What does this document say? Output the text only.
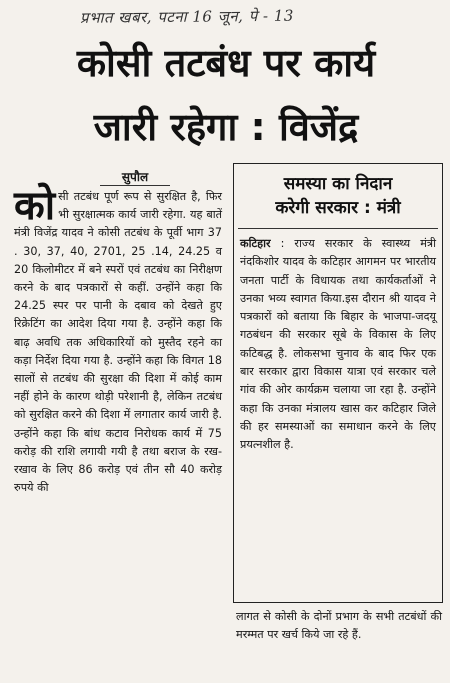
प्रभात खबर, पटना 16 जून, पे - 13
कोसी तटबंध पर कार्य
जारी रहेगा : विजेंद्र
सुपौल
कोसी तटबंध पूर्ण रूप से सुरक्षित है, फिर भी सुरक्षात्मक कार्य जारी रहेगा. यह बातें मंत्री विजेंद्र यादव ने कोसी तटबंध के पूर्वी भाग 37 . 30, 37, 40, 2701, 25 .14, 24.25 व 20 किलोमीटर में बने स्परों एवं तटबंध का निरीक्षण करने के बाद पत्रकारों से कहीं. उन्होंने कहा कि 24.25 स्पर पर पानी के दबाव को देखते हुए रिक्रेटिंग का आदेश दिया गया है. उन्होंने कहा कि बाढ़ अवधि तक अधिकारियों को मुस्तैद रहने का कड़ा निर्देश दिया गया है. उन्होंने कहा कि विगत 18 सालों से तटबंध की सुरक्षा की दिशा में कोई काम नहीं होने के कारण थोड़ी परेशानी है, लेकिन तटबंध को सुरक्षित करने की दिशा में लगातार कार्य जारी है. उन्होंने कहा कि बांध कटाव निरोधक कार्य में 75 करोड़ की राशि लगायी गयी है तथा बराज के रख-रखाव के लिए 86 करोड़ एवं तीन सौ 40 करोड़ रुपये की
समस्या का निदान
करेगी सरकार : मंत्री
कटिहार : राज्य सरकार के स्वास्थ्य मंत्री नंदकिशोर यादव के कटिहार आगमन पर भारतीय जनता पार्टी के विधायक तथा कार्यकर्ताओं ने उनका भव्य स्वागत किया.इस दौरान श्री यादव ने पत्रकारों को बताया कि बिहार के भाजपा-जदयू गठबंधन की सरकार सूबे के विकास के लिए कटिबद्ध है. लोकसभा चुनाव के बाद फिर एक बार सरकार द्वारा विकास यात्रा एवं सरकार चले गांव की ओर कार्यक्रम चलाया जा रहा है. उन्होंने कहा कि उनका मंत्रालय खास कर कटिहार जिले की हर समस्याओं का समाधान करने के लिए प्रयत्नशील है.
लागत से कोसी के दोनों प्रभाग के सभी तटबंधों की मरम्मत पर खर्च किये जा रहे हैं.
